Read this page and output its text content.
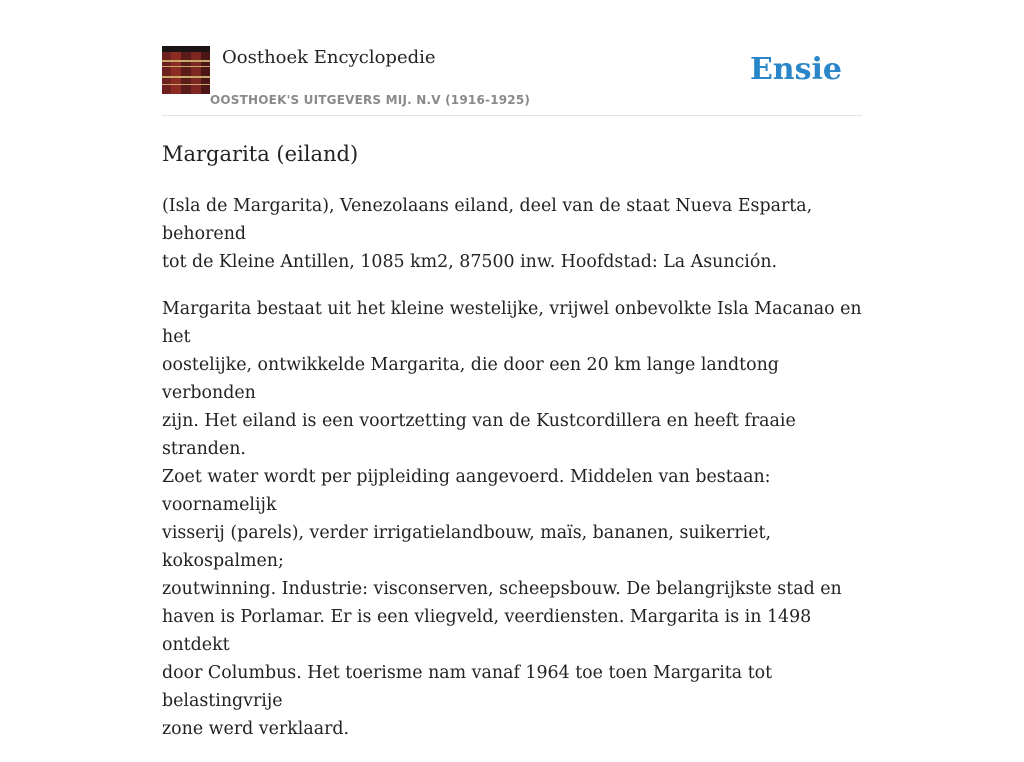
Oosthoek Encyclopedie
OOSTHOEK'S UITGEVERS MIJ. N.V (1916-1925)
Ensie
Margarita (eiland)

(Isla de Margarita), Venezolaans eiland, deel van de staat Nueva Esparta, behorend
tot de Kleine Antillen, 1085 km2, 87500 inw. Hoofdstad: La Asunción.

Margarita bestaat uit het kleine westelijke, vrijwel onbevolkte Isla Macanao en het
oostelijke, ontwikkelde Margarita, die door een 20 km lange landtong verbonden
zijn. Het eiland is een voortzetting van de Kustcordillera en heeft fraaie stranden.
Zoet water wordt per pijpleiding aangevoerd. Middelen van bestaan: voornamelijk
visserij (parels), verder irrigatielandbouw, maïs, bananen, suikerriet, kokospalmen;
zoutwinning. Industrie: visconserven, scheepsbouw. De belangrijkste stad en
haven is Porlamar. Er is een vliegveld, veerdiensten. Margarita is in 1498 ontdekt
door Columbus. Het toerisme nam vanaf 1964 toe toen Margarita tot belastingvrije
zone werd verklaard.
